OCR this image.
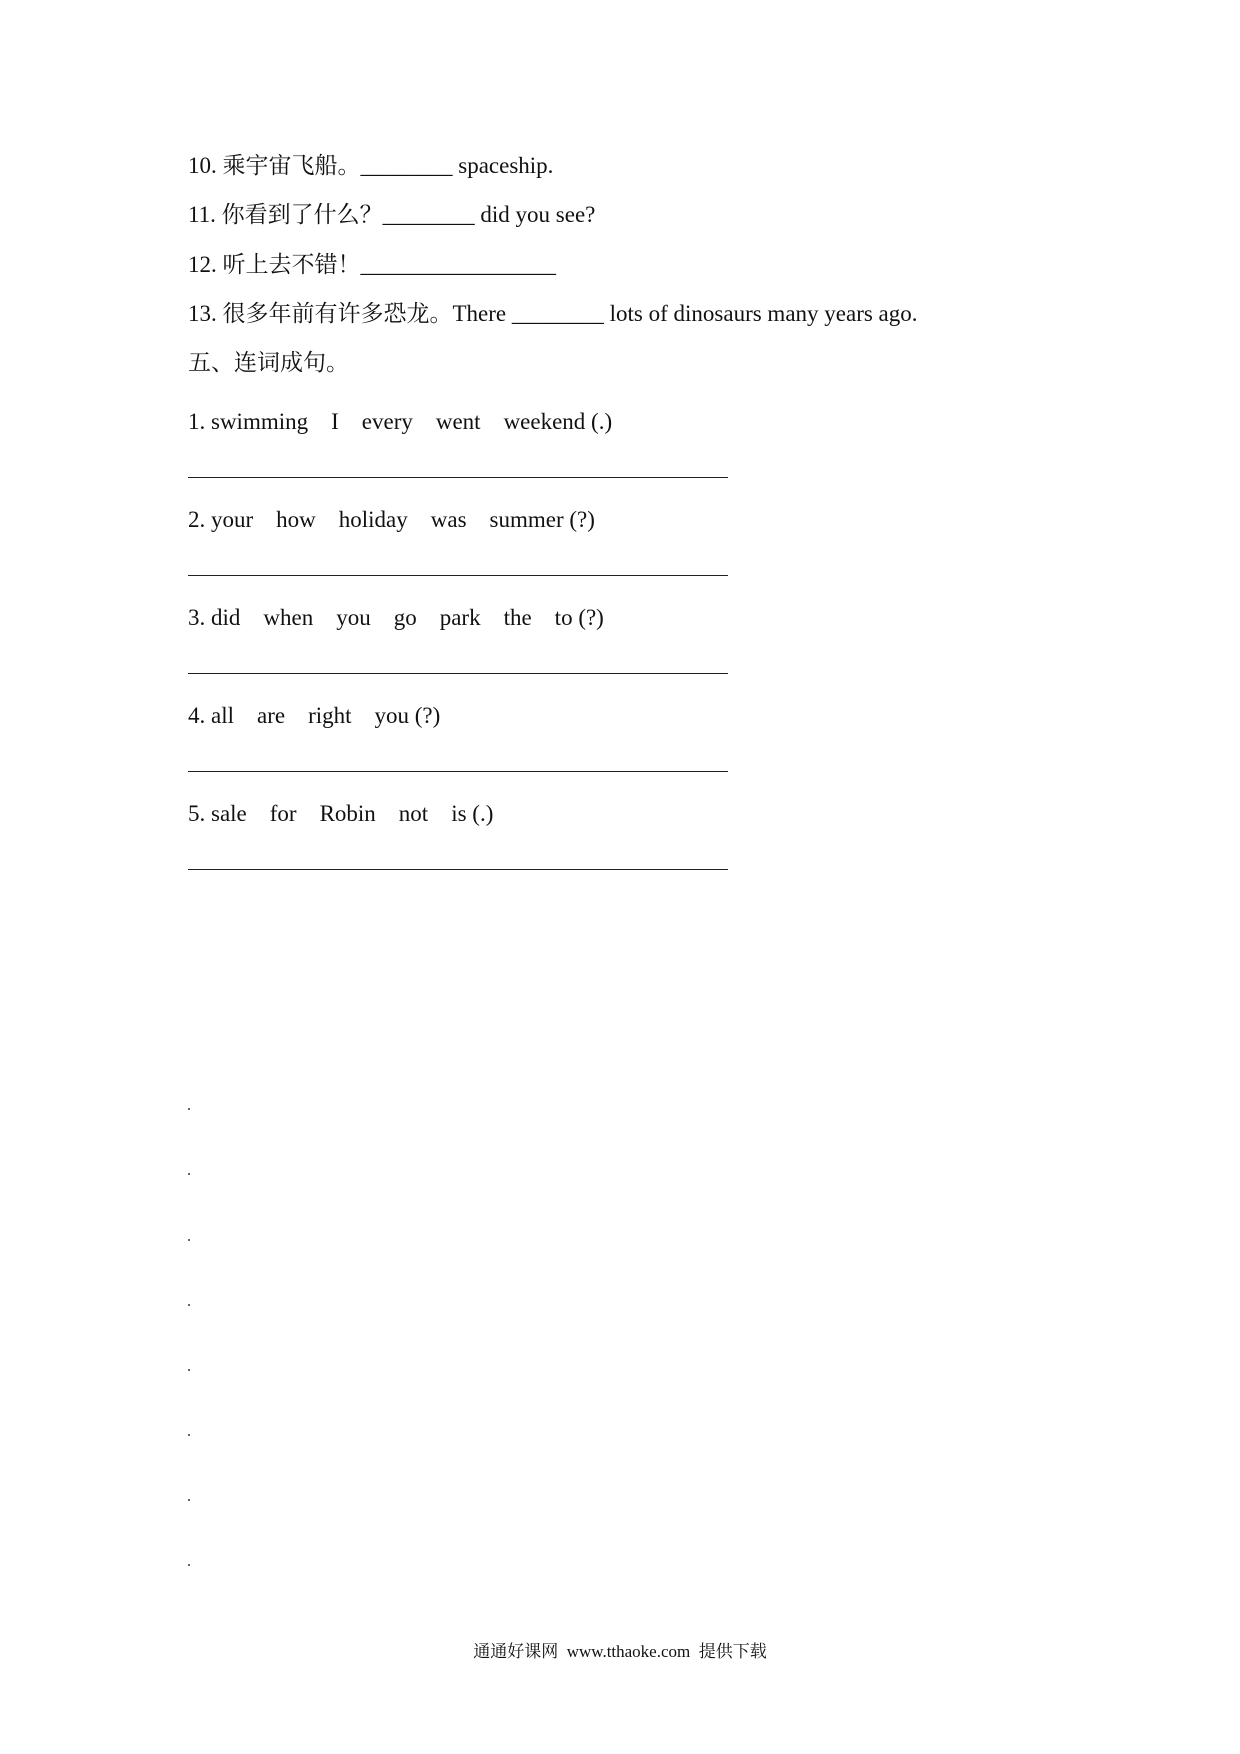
10. 乘宇宙飞船。________ spaceship.
11. 你看到了什么？________ did you see?
12. 听上去不错！_________________
13. 很多年前有许多恐龙。There ________ lots of dinosaurs many years ago.
五、连词成句。
1. swimming    I    every    went    weekend (.)
2. your    how    holiday    was    summer (?)
3. did    when    you    go    park    the    to (?)
4. all    are    right    you (?)
5. sale    for    Robin    not    is (.)
通通好课网  www.tthaoke.com  提供下载
